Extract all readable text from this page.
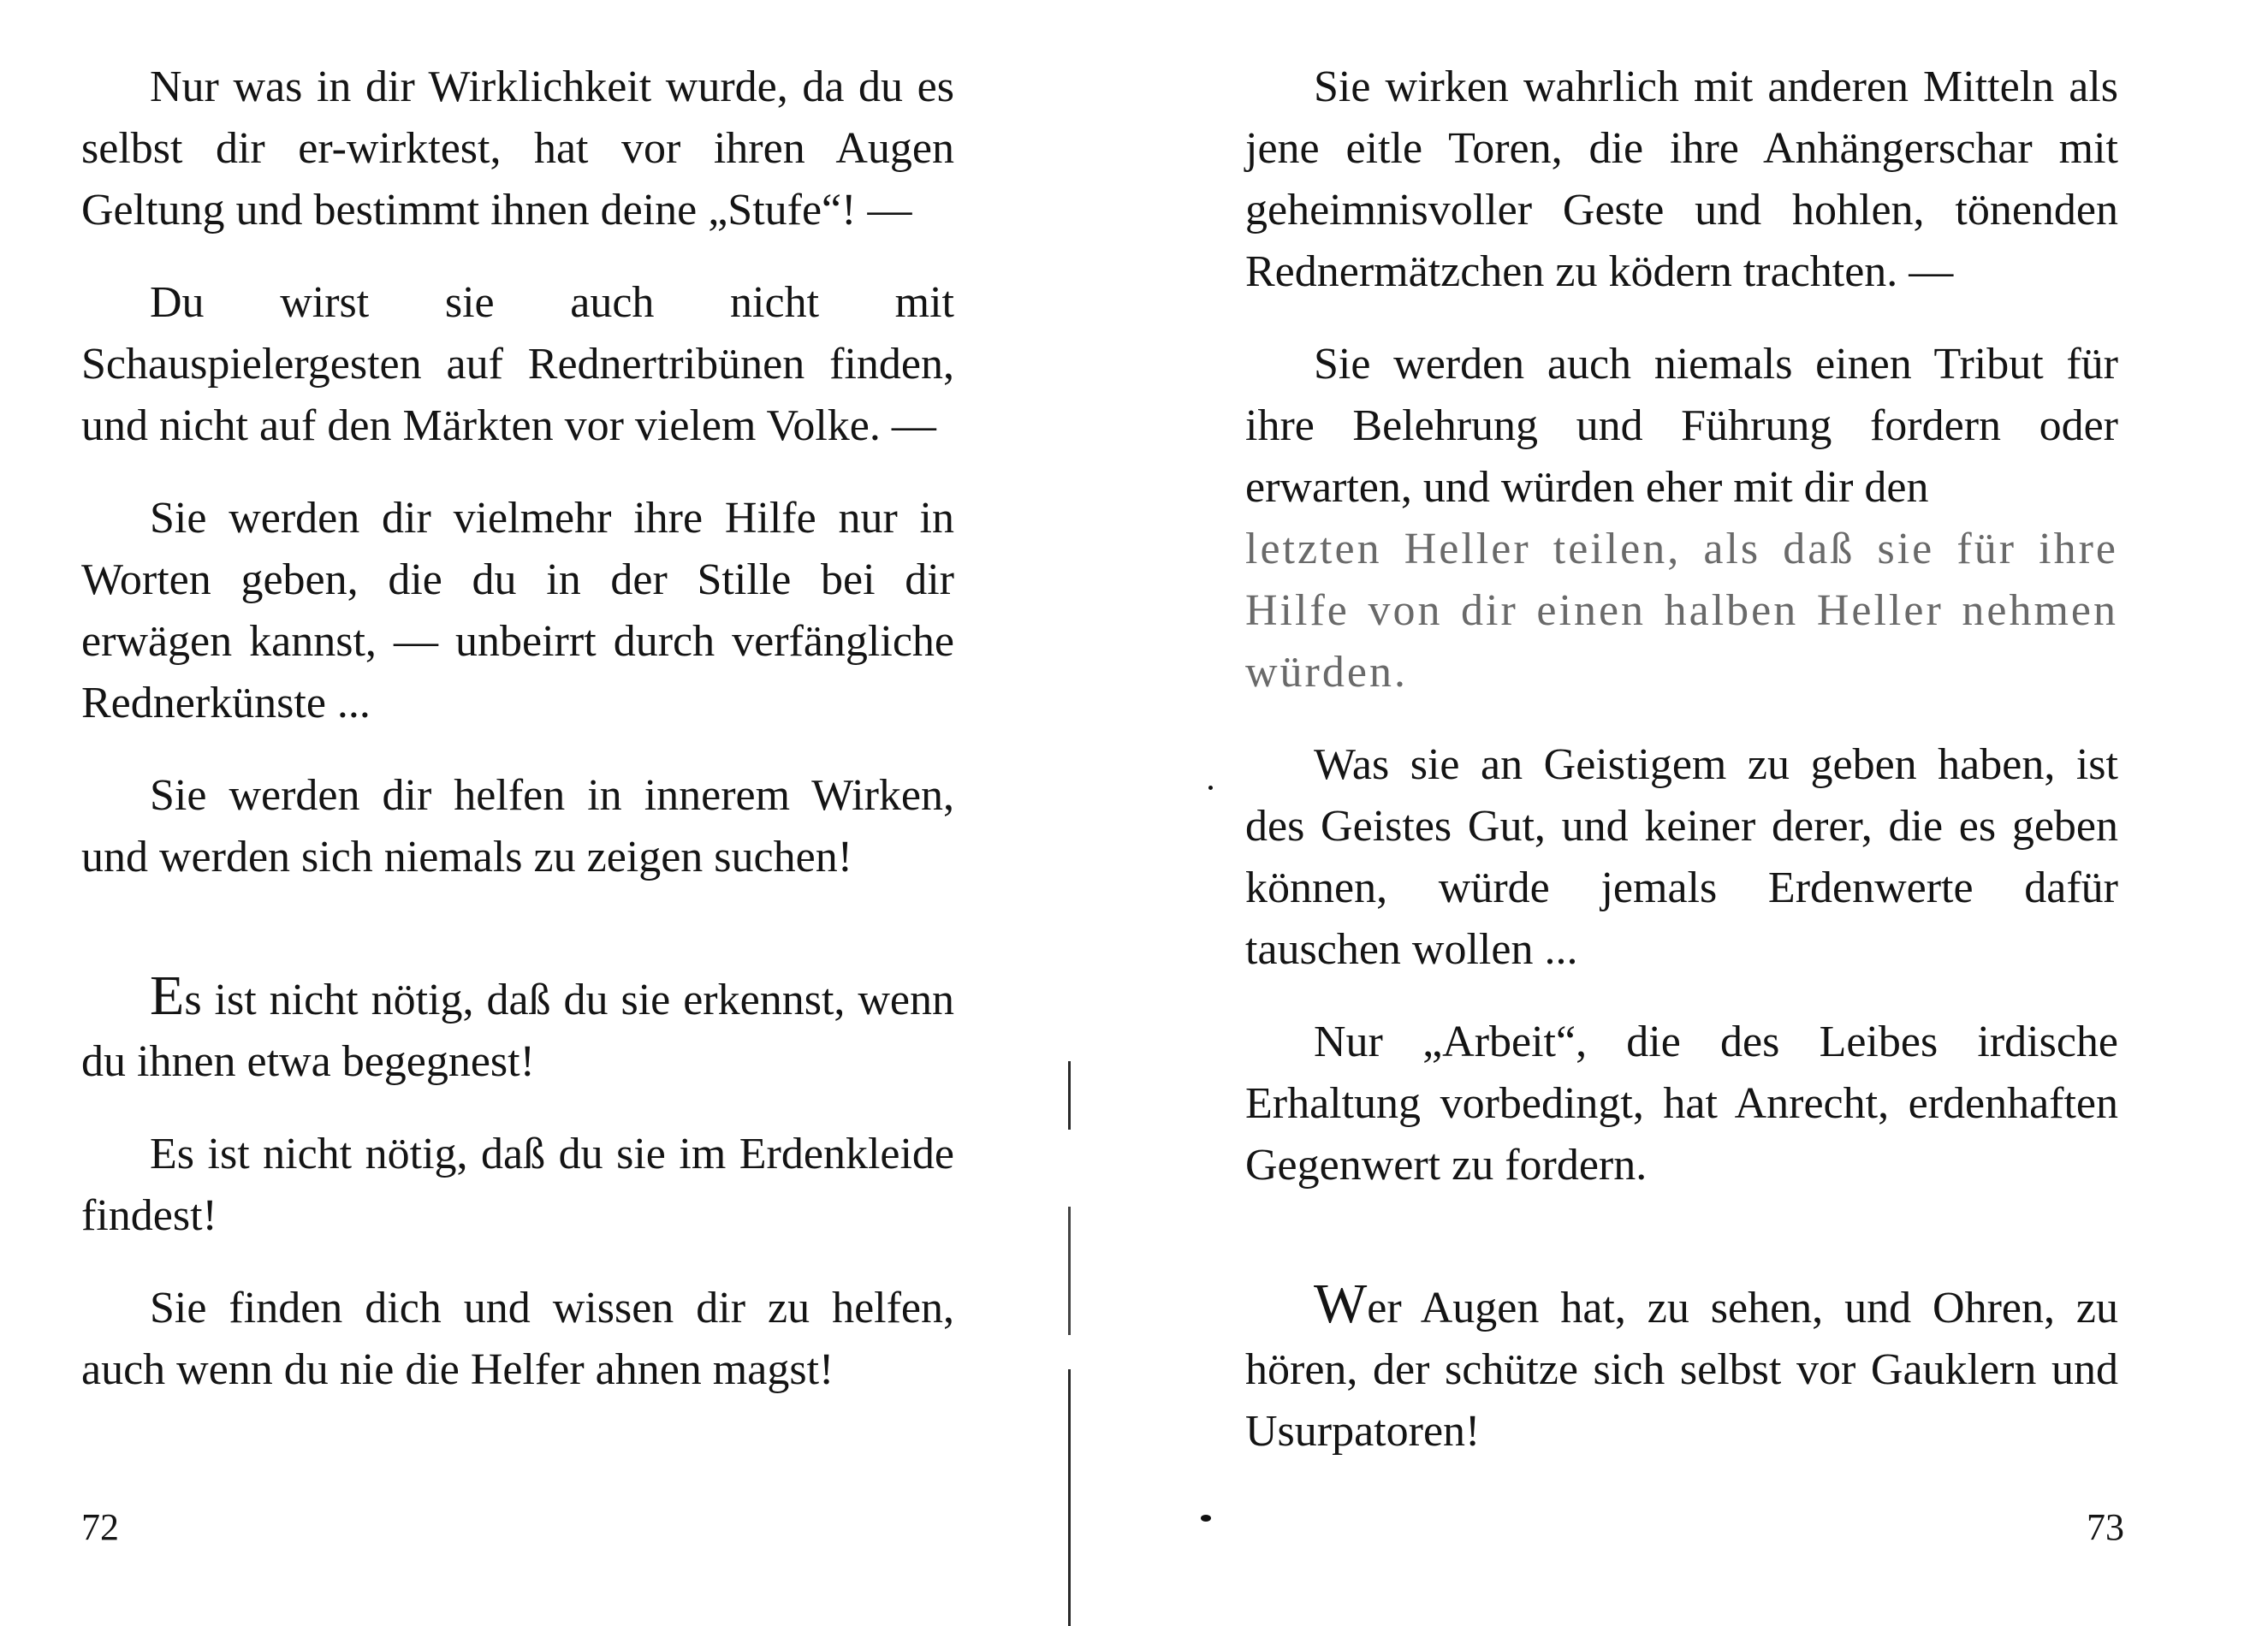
Nur was in dir Wirklichkeit wurde, da du es selbst dir er-wirktest, hat vor ihren Augen Geltung und bestimmt ihnen deine „Stufe“! —

Du wirst sie auch nicht mit Schauspielergesten auf Rednertribünen finden, und nicht auf den Märkten vor vielem Volke. —

Sie werden dir vielmehr ihre Hilfe nur in Worten geben, die du in der Stille bei dir erwägen kannst, — unbeirrt durch verfängliche Rednerkünste ...

Sie werden dir helfen in innerem Wirken, und werden sich niemals zu zeigen suchen!

Es ist nicht nötig, daß du sie erkennst, wenn du ihnen etwa begegnest!

Es ist nicht nötig, daß du sie im Erdenkleide findest!

Sie finden dich und wissen dir zu helfen, auch wenn du nie die Helfer ahnen magst!

72

Sie wirken wahrlich mit anderen Mitteln als jene eitle Toren, die ihre Anhängerschar mit geheimnisvoller Geste und hohlen, tönenden Rednermätzchen zu ködern trachten. —

Sie werden auch niemals einen Tribut für ihre Belehrung und Führung fordern oder erwarten, und würden eher mit dir den

letzten Heller teilen, als daß sie für ihre Hilfe von dir einen halben Heller nehmen würden.

Was sie an Geistigem zu geben haben, ist des Geistes Gut, und keiner derer, die es geben können, würde jemals Erdenwerte dafür tauschen wollen ...

Nur „Arbeit“, die des Leibes irdische Erhaltung vorbedingt, hat Anrecht, erdenhaften Gegenwert zu fordern.

Wer Augen hat, zu sehen, und Ohren, zu hören, der schütze sich selbst vor Gauklern und Usurpatoren!

73
